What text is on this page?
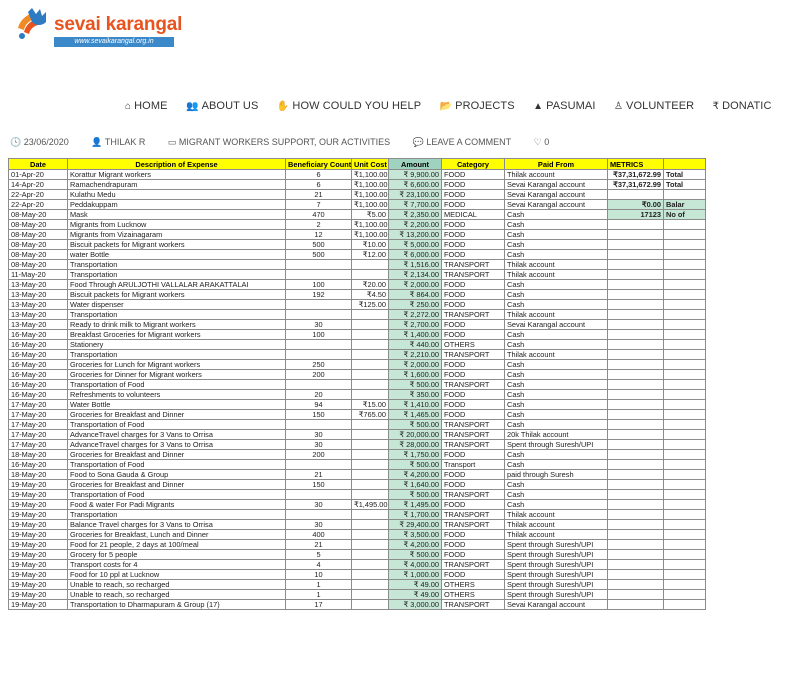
sevai karangal
www.sevaikarangal.org.in
⌂ HOME 👥 ABOUT US ✋ HOW COULD YOU HELP 📂 PROJECTS ▲ PASUMAI ♙ VOLUNTEER ₹ DONATIC
🕓 23/06/2020	👤 THILAK R	▭ MIGRANT WORKERS SUPPORT, OUR ACTIVITIES	💬 LEAVE A COMMENT	♡ 0
Date	Description of Expense	Beneficiary Count	Unit Cost	Amount	Category	Paid From	METRICS	
01-Apr-20	Korattur Migrant workers	6	₹1,100.00	₹ 9,900.00	FOOD	Thilak account	₹37,31,672.99	Total
14-Apr-20	Ramachendrapuram	6	₹1,100.00	₹ 6,600.00	FOOD	Sevai Karangal account	₹37,31,672.99	Total
22-Apr-20	Kulathu Medu	21	₹1,100.00	₹ 23,100.00	FOOD	Sevai Karangal account		
22-Apr-20	Peddakuppam	7	₹1,100.00	₹ 7,700.00	FOOD	Sevai Karangal account	₹0.00	Balar
08-May-20	Mask	470	₹5.00	₹ 2,350.00	MEDICAL	Cash	17123	No of
08-May-20	Migrants from Lucknow	2	₹1,100.00	₹ 2,200.00	FOOD	Cash		
08-May-20	Migrants from Vizainagaram	12	₹1,100.00	₹ 13,200.00	FOOD	Cash		
08-May-20	Biscuit packets for Migrant workers	500	₹10.00	₹ 5,000.00	FOOD	Cash		
08-May-20	water Bottle	500	₹12.00	₹ 6,000.00	FOOD	Cash		
08-May-20	Transportation			₹ 1,516.00	TRANSPORT	Thilak account		
11-May-20	Transportation			₹ 2,134.00	TRANSPORT	Thilak account		
13-May-20	Food Through ARULJOTHI VALLALAR ARAKATTALAI	100	₹20.00	₹ 2,000.00	FOOD	Cash		
13-May-20	Biscuit packets for Migrant workers	192	₹4.50	₹ 864.00	FOOD	Cash		
13-May-20	Water dispenser		₹125.00	₹ 250.00	FOOD	Cash		
13-May-20	Transportation			₹ 2,272.00	TRANSPORT	Thilak account		
13-May-20	Ready to drink milk to Migrant workers	30		₹ 2,700.00	FOOD	Sevai Karangal account		
16-May-20	Breakfast Groceries for Migrant workers	100		₹ 1,400.00	FOOD	Cash		
16-May-20	Stationery			₹ 440.00	OTHERS	Cash		
16-May-20	Transportation			₹ 2,210.00	TRANSPORT	Thilak account		
16-May-20	Groceries for Lunch for Migrant workers	250		₹ 2,000.00	FOOD	Cash		
16-May-20	Groceries for Dinner for Migrant workers	200		₹ 1,600.00	FOOD	Cash		
16-May-20	Transportation of Food			₹ 500.00	TRANSPORT	Cash		
16-May-20	Refreshments to volunteers	20		₹ 350.00	FOOD	Cash		
17-May-20	Water Bottle	94	₹15.00	₹ 1,410.00	FOOD	Cash		
17-May-20	Groceries for Breakfast and Dinner	150	₹765.00	₹ 1,465.00	FOOD	Cash		
17-May-20	Transportation of Food			₹ 500.00	TRANSPORT	Cash		
17-May-20	AdvanceTravel charges for 3 Vans to Orrisa	30		₹ 20,000.00	TRANSPORT	20k Thilak account		
17-May-20	AdvanceTravel charges for 3 Vans to Orrisa	30		₹ 28,000.00	TRANSPORT	Spent through Suresh/UPI		
18-May-20	Groceries for Breakfast and Dinner	200		₹ 1,750.00	FOOD	Cash		
16-May-20	Transportation of Food			₹ 500.00	Transport	Cash		
18-May-20	Food to Sona Gauda & Group	21		₹ 4,200.00	FOOD	paid through Suresh		
19-May-20	Groceries for Breakfast and Dinner	150		₹ 1,640.00	FOOD	Cash		
19-May-20	Transportation of Food			₹ 500.00	TRANSPORT	Cash		
19-May-20	Food & water For Padi Migrants	30	₹1,495.00	₹ 1,495.00	FOOD	Cash		
19-May-20	Transportation			₹ 1,700.00	TRANSPORT	Thilak account		
19-May-20	Balance Travel charges for 3 Vans to Orrisa	30		₹ 29,400.00	TRANSPORT	Thilak account		
19-May-20	Groceries for Breakfast, Lunch and Dinner	400		₹ 3,500.00	FOOD	Thilak account		
19-May-20	Food for 21 people, 2 days at 100/meal	21		₹ 4,200.00	FOOD	Spent through Suresh/UPI		
19-May-20	Grocery for 5 people	5		₹ 500.00	FOOD	Spent through Suresh/UPI		
19-May-20	Transport costs for 4	4		₹ 4,000.00	TRANSPORT	Spent through Suresh/UPI		
19-May-20	Food for 10 ppl at Lucknow	10		₹ 1,000.00	FOOD	Spent through Suresh/UPI		
19-May-20	Unable to reach, so recharged	1		₹ 49.00	OTHERS	Spent through Suresh/UPI		
19-May-20	Unable to reach, so recharged	1		₹ 49.00	OTHERS	Spent through Suresh/UPI		
19-May-20	Transportation to Dharmapuram & Group (17)	17		₹ 3,000.00	TRANSPORT	Sevai Karangal account		
